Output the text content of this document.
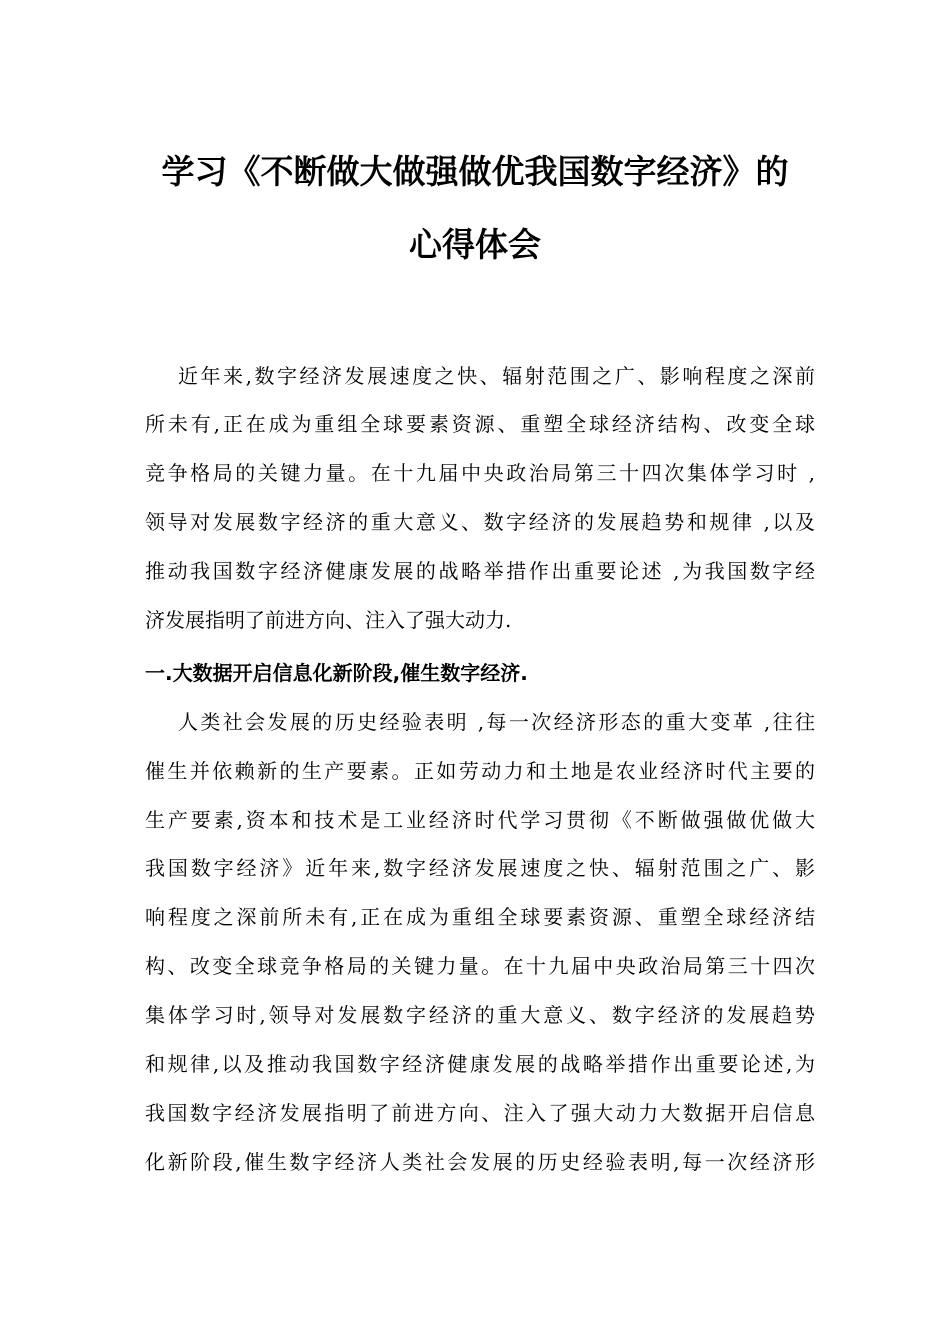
学习《不断做大做强做优我国数字经济》的
心得体会
近年来,数字经济发展速度之快、辐射范围之广、影响程度之深前
所未有,正在成为重组全球要素资源、重塑全球经济结构、改变全球
竞争格局的关键力量。在十九届中央政治局第三十四次集体学习时 ,
领导对发展数字经济的重大意义、数字经济的发展趋势和规律 ,以及
推动我国数字经济健康发展的战略举措作出重要论述 ,为我国数字经
济发展指明了前进方向、注入了强大动力.
一.大数据开启信息化新阶段,催生数字经济.
人类社会发展的历史经验表明 ,每一次经济形态的重大变革 ,往往
催生并依赖新的生产要素。正如劳动力和土地是农业经济时代主要的
生产要素,资本和技术是工业经济时代学习贯彻《不断做强做优做大
我国数字经济》近年来,数字经济发展速度之快、辐射范围之广、影
响程度之深前所未有,正在成为重组全球要素资源、重塑全球经济结
构、改变全球竞争格局的关键力量。在十九届中央政治局第三十四次
集体学习时,领导对发展数字经济的重大意义、数字经济的发展趋势
和规律,以及推动我国数字经济健康发展的战略举措作出重要论述,为
我国数字经济发展指明了前进方向、注入了强大动力大数据开启信息
化新阶段,催生数字经济人类社会发展的历史经验表明,每一次经济形
